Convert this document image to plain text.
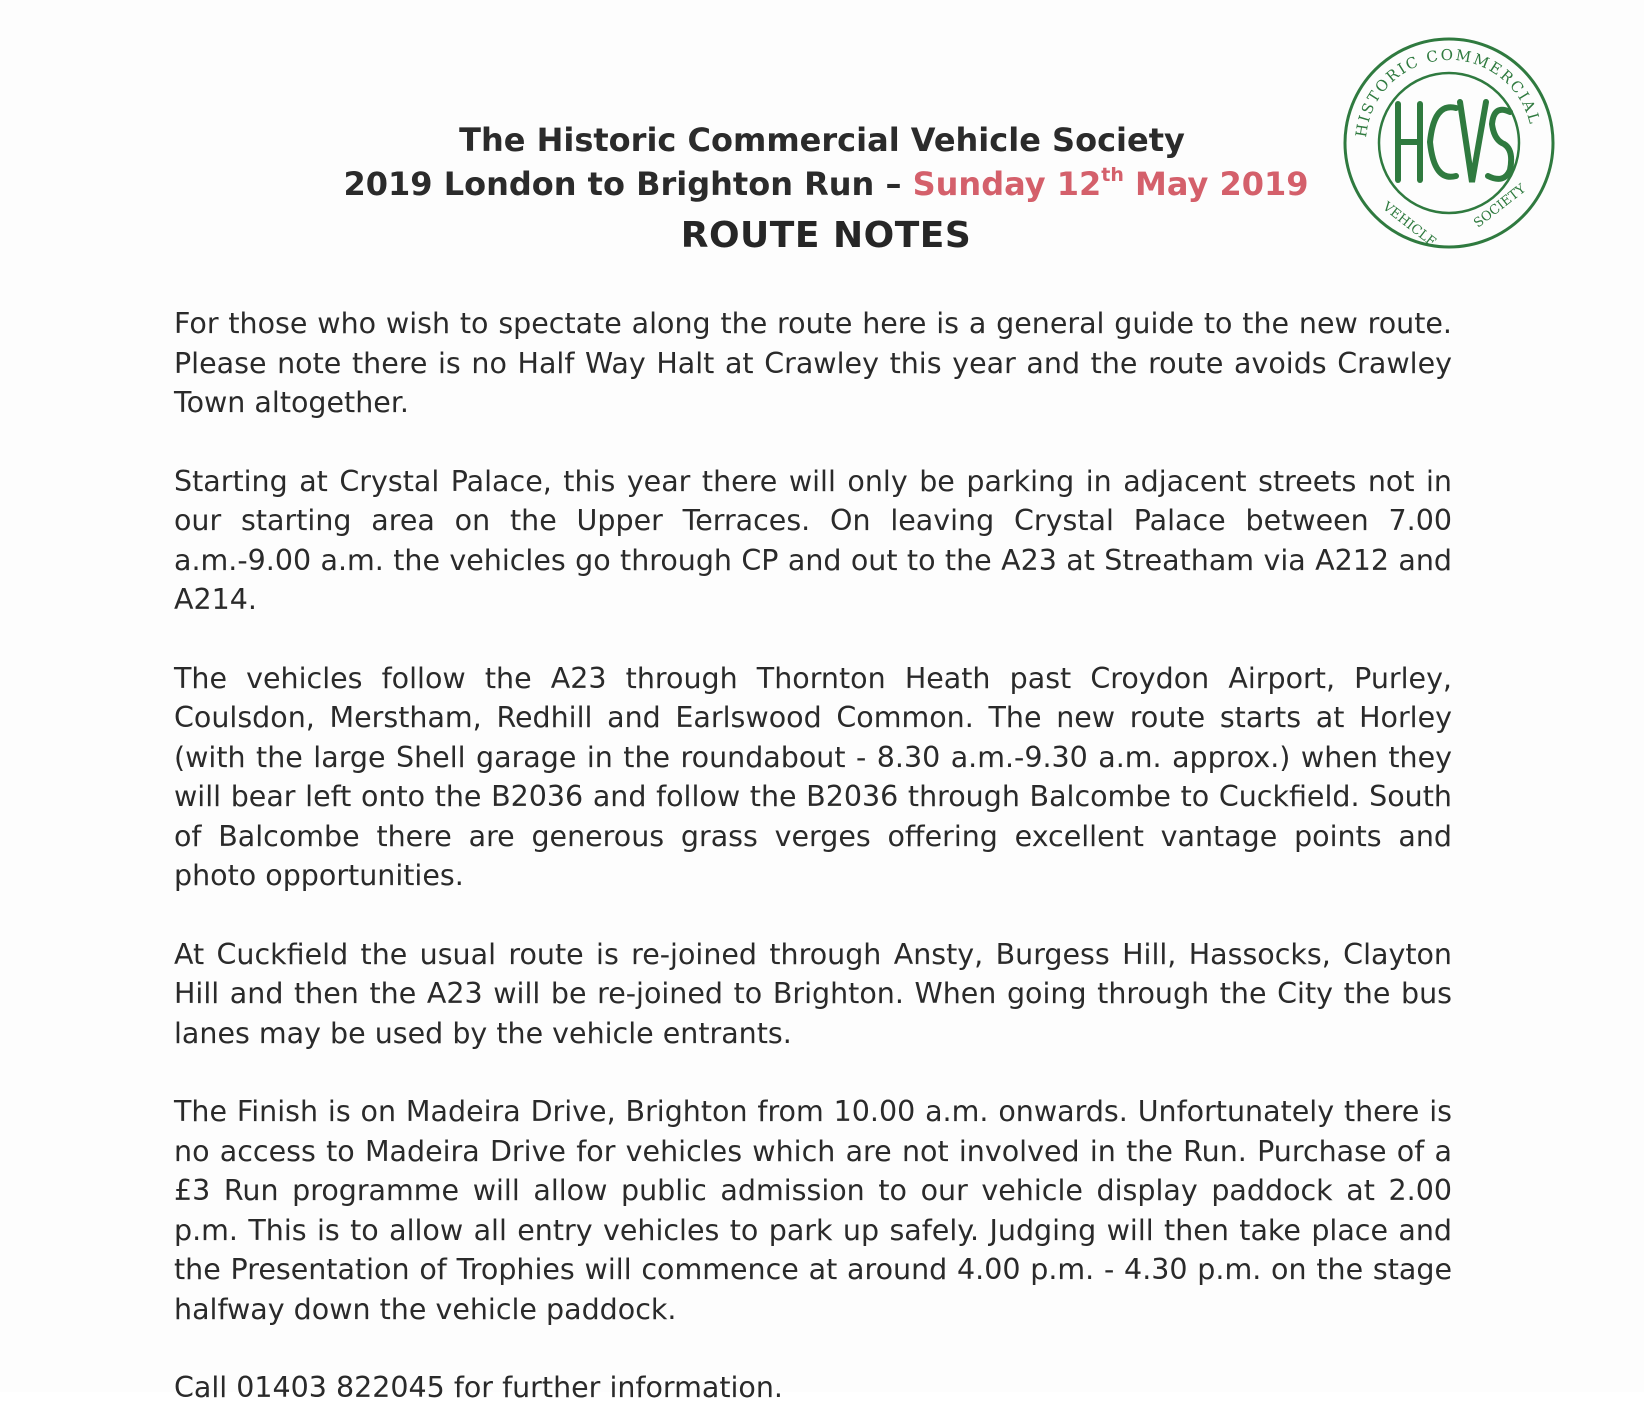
HISTORIC COMMERCIAL
VEHICLE SOCIETY
The Historic Commercial Vehicle Society
2019 London to Brighton Run – Sunday 12th May 2019
ROUTE NOTES

For those who wish to spectate along the route here is a general guide to the new route. Please note there is no Half Way Halt at Crawley this year and the route avoids Crawley Town altogether.

Starting at Crystal Palace, this year there will only be parking in adjacent streets not in our starting area on the Upper Terraces. On leaving Crystal Palace between 7.00 a.m.-9.00 a.m. the vehicles go through CP and out to the A23 at Streatham via A212 and A214.

The vehicles follow the A23 through Thornton Heath past Croydon Airport, Purley, Coulsdon, Merstham, Redhill and Earlswood Common. The new route starts at Horley (with the large Shell garage in the roundabout - 8.30 a.m.-9.30 a.m. approx.) when they will bear left onto the B2036 and follow the B2036 through Balcombe to Cuckfield. South of Balcombe there are generous grass verges offering excellent vantage points and photo opportunities.

At Cuckfield the usual route is re-joined through Ansty, Burgess Hill, Hassocks, Clayton Hill and then the A23 will be re-joined to Brighton. When going through the City the bus lanes may be used by the vehicle entrants.

The Finish is on Madeira Drive, Brighton from 10.00 a.m. onwards. Unfortunately there is no access to Madeira Drive for vehicles which are not involved in the Run. Purchase of a £3 Run programme will allow public admission to our vehicle display paddock at 2.00 p.m. This is to allow all entry vehicles to park up safely. Judging will then take place and the Presentation of Trophies will commence at around 4.00 p.m. - 4.30 p.m. on the stage halfway down the vehicle paddock.

Call 01403 822045 for further information.
